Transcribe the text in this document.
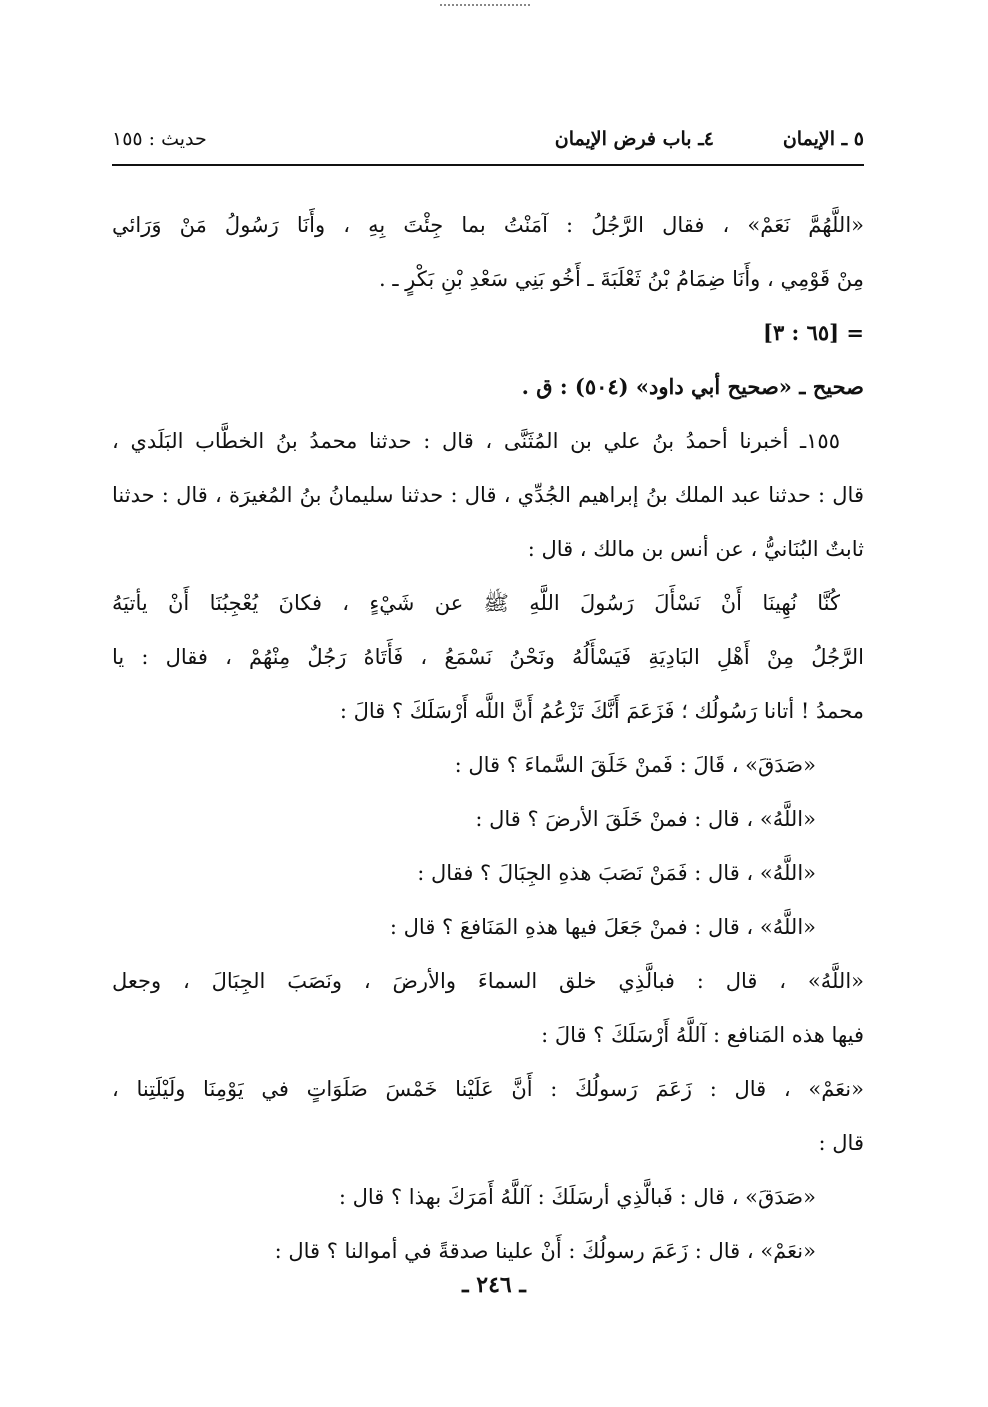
٥ ـ الإيمان
٤ـ باب فرض الإيمان
حديث : ١٥٥
«اللَّهُمَّ نَعَمْ» ، فقال الرَّجُلُ : آمَنْتُ بما جِئْتَ بِهِ ، وأَنَا رَسُولُ مَنْ وَرَائي
مِنْ قَوْمِي ، وأَنَا ضِمَامُ بْنُ ثَعْلَبَةَ ـ أَخُو بَنِي سَعْدِ بْنِ بَكْرٍ ـ .
= [٦٥ : ٣]
صحيح ـ «صحيح أبي داود» (٥٠٤) : ق .
١٥٥ـ أخبرنا أحمدُ بنُ علي بن المُثَنَّى ، قال : حدثنا محمدُ بنُ الخطَّاب البَلَدي ،
قال : حدثنا عبد الملك بنُ إبراهيم الجُدِّي ، قال : حدثنا سليمانُ بنُ المُغيرَة ، قال : حدثنا
ثابتٌ البُنَانيُّ ، عن أنس بن مالك ، قال :
كُنَّا نُهِينَا أَنْ نَسْأَلَ رَسُولَ اللَّهِ ﷺ عن شَيْءٍ ، فكانَ يُعْجِبُنَا أَنْ يأتيَهُ
الرَّجُلُ مِنْ أَهْلِ البَادِيَةِ فَيَسْأَلُهُ ونَحْنُ نَسْمَعُ ، فَأَتَاهُ رَجُلٌ مِنْهُمْ ، فقال : يا
محمدُ ! أتانا رَسُولُك ؛ فَزَعَمَ أَنَّكَ تَزْعُمُ أَنَّ اللَّه أَرْسَلَكَ ؟ قالَ :
«صَدَقَ» ، قَالَ : فَمنْ خَلَقَ السَّماءَ ؟ قال :
«اللَّهُ» ، قال : فمنْ خَلَقَ الأرضَ ؟ قال :
«اللَّهُ» ، قال : فَمَنْ نَصَبَ هذهِ الجِبَالَ ؟ فقال :
«اللَّهُ» ، قال : فمنْ جَعَلَ فيها هذهِ المَنَافعَ ؟ قال :
«اللَّهُ» ، قال : فبالَّذِي خلق السماءَ والأرضَ ، ونَصَبَ الجِبَالَ ، وجعل
فيها هذه المَنافع : آللَّهُ أَرْسَلَكَ ؟ قالَ :
«نعَمْ» ، قال : زَعَمَ رَسولُكَ : أَنَّ عَلَيْنا خَمْسَ صَلَوَاتٍ في يَوْمِنَا ولَيْلَتِنا ،
قال :
«صَدَقَ» ، قال : فَبالَّذِي أرسَلَكَ : آللَّهُ أَمَرَكَ بهذا ؟ قال :
«نعَمْ» ، قال : زَعَمَ رسولُكَ : أَنْ علينا صدقةً في أموالنا ؟ قال :
ـ ٢٤٦ ـ
